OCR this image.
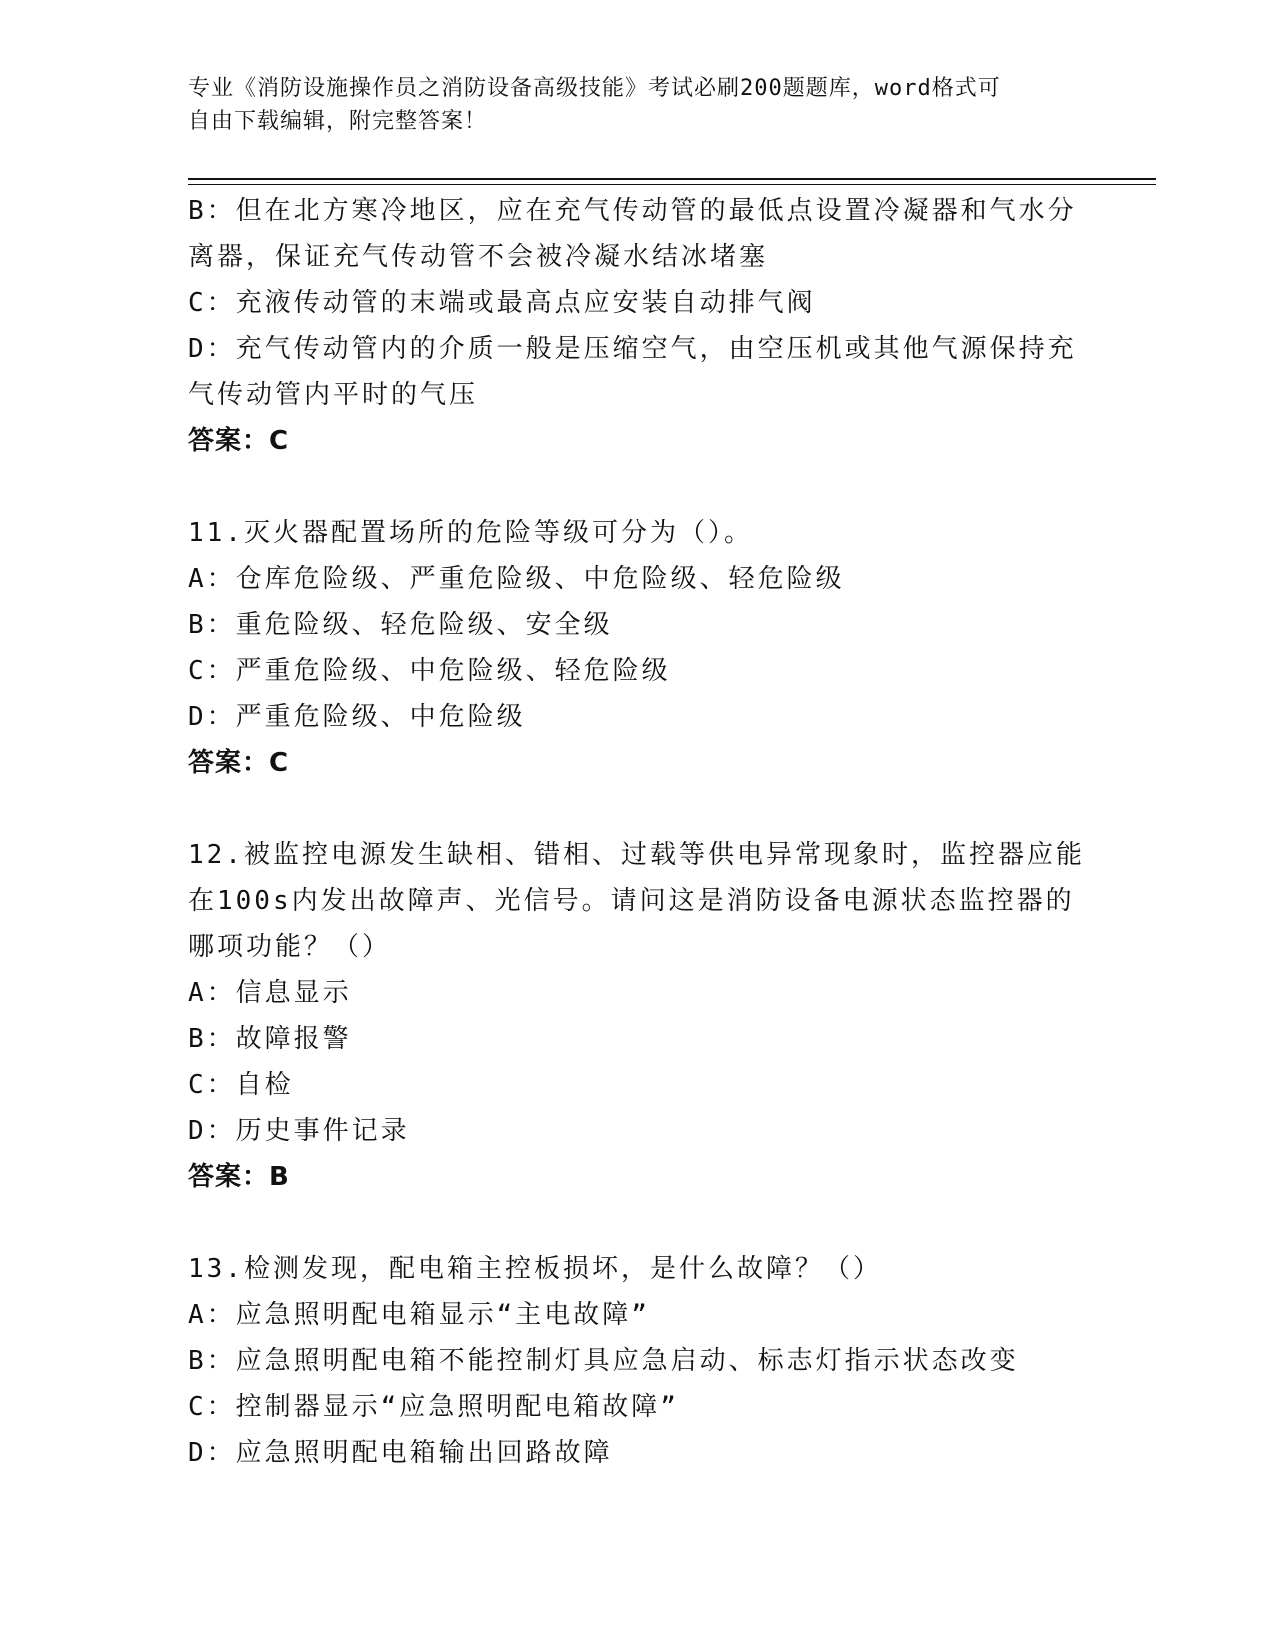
专业《消防设施操作员之消防设备高级技能》考试必刷200题题库，word格式可
自由下载编辑，附完整答案！
B：但在北方寒冷地区，应在充气传动管的最低点设置冷凝器和气水分
离器，保证充气传动管不会被冷凝水结冰堵塞
C：充液传动管的末端或最高点应安装自动排气阀
D：充气传动管内的介质一般是压缩空气，由空压机或其他气源保持充
气传动管内平时的气压
答案：C
11.灭火器配置场所的危险等级可分为（）。
A：仓库危险级、严重危险级、中危险级、轻危险级
B：重危险级、轻危险级、安全级
C：严重危险级、中危险级、轻危险级
D：严重危险级、中危险级
答案：C
12.被监控电源发生缺相、错相、过载等供电异常现象时，监控器应能
在100s内发出故障声、光信号。请问这是消防设备电源状态监控器的
哪项功能？（）
A：信息显示
B：故障报警
C：自检
D：历史事件记录
答案：B
13.检测发现，配电箱主控板损坏，是什么故障？（）
A：应急照明配电箱显示“主电故障”
B：应急照明配电箱不能控制灯具应急启动、标志灯指示状态改变
C：控制器显示“应急照明配电箱故障”
D：应急照明配电箱输出回路故障
